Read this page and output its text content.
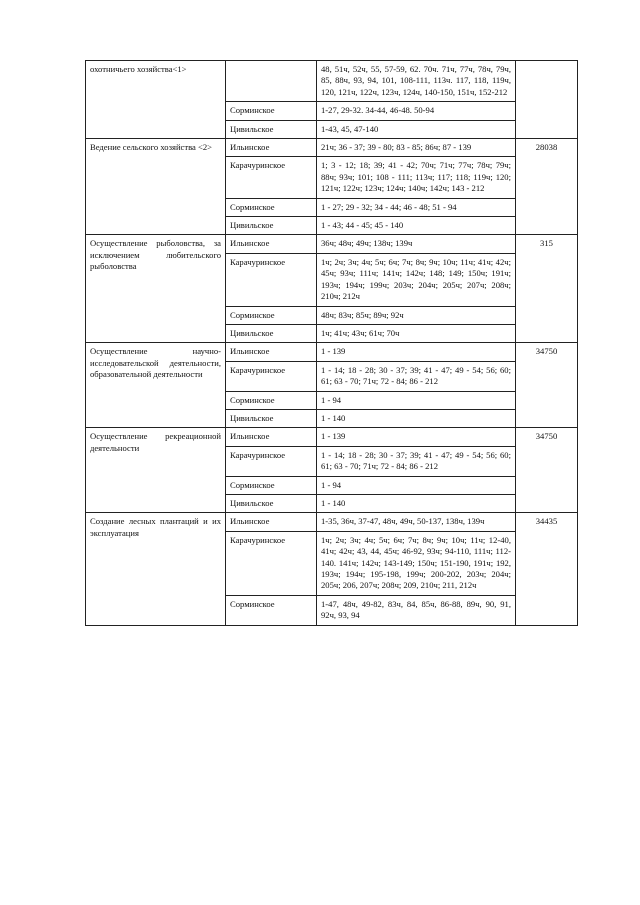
охотничьего хозяйства<1>		48, 51ч, 52ч, 55, 57-59, 62. 70ч. 71ч, 77ч, 78ч, 79ч, 85, 88ч, 93, 94, 101, 108-111, 113ч. 117, 118, 119ч, 120, 121ч, 122ч, 123ч, 124ч, 140-150, 151ч, 152-212	

	Сорминское	1-27, 29-32. 34-44, 46-48. 50-94	

	Цивильское	1-43, 45, 47-140	

Ведение сельского хозяйства <2>	Ильинское	21ч; 36 - 37; 39 - 80; 83 - 85; 86ч; 87 - 139	28038

	Карачуринское	1; 3 - 12; 18; 39; 41 - 42; 70ч; 71ч; 77ч; 78ч; 79ч; 88ч; 93ч; 101; 108 - 111; 113ч; 117; 118; 119ч; 120; 121ч; 122ч; 123ч; 124ч; 140ч; 142ч; 143 - 212	

	Сорминское	1 - 27; 29 - 32; 34 - 44; 46 - 48; 51 - 94	

	Цивильское	1 - 43; 44 - 45; 45 - 140	

Осуществление рыболовства, за исключением любительского рыболовства	Ильинское	36ч; 48ч; 49ч; 138ч; 139ч	315

	Карачуринское	1ч; 2ч; 3ч; 4ч; 5ч; 6ч; 7ч; 8ч; 9ч; 10ч; 11ч; 41ч; 42ч; 45ч; 93ч; 111ч; 141ч; 142ч; 148; 149; 150ч; 191ч; 193ч; 194ч; 199ч; 203ч; 204ч; 205ч; 207ч; 208ч; 210ч; 212ч	

	Сорминское	48ч; 83ч; 85ч; 89ч; 92ч	

	Цивильское	1ч; 41ч; 43ч; 61ч; 70ч	

Осуществление научно-исследовательской деятельности, образовательной деятельности	Ильинское	1 - 139	34750

	Карачуринское	1 - 14; 18 - 28; 30 - 37; 39; 41 - 47; 49 - 54; 56; 60; 61; 63 - 70; 71ч; 72 - 84; 86 - 212	

	Сорминское	1 - 94	

	Цивильское	1 - 140	

Осуществление рекреационной деятельности	Ильинское	1 - 139	34750

	Карачуринское	1 - 14; 18 - 28; 30 - 37; 39; 41 - 47; 49 - 54; 56; 60; 61; 63 - 70; 71ч; 72 - 84; 86 - 212	

	Сорминское	1 - 94	

	Цивильское	1 - 140	

Создание лесных плантаций и их эксплуатация	Ильинское	1-35, 36ч, 37-47, 48ч, 49ч, 50-137, 138ч, 139ч	34435

	Карачуринское	1ч; 2ч; 3ч; 4ч; 5ч; 6ч; 7ч; 8ч; 9ч; 10ч; 11ч; 12-40, 41ч; 42ч; 43, 44, 45ч; 46-92, 93ч; 94-110, 111ч; 112-140. 141ч; 142ч; 143-149; 150ч; 151-190, 191ч; 192, 193ч; 194ч; 195-198, 199ч; 200-202, 203ч; 204ч; 205ч; 206, 207ч; 208ч; 209, 210ч; 211, 212ч	

	Сорминское	1-47, 48ч, 49-82, 83ч, 84, 85ч, 86-88, 89ч, 90, 91, 92ч, 93, 94	
